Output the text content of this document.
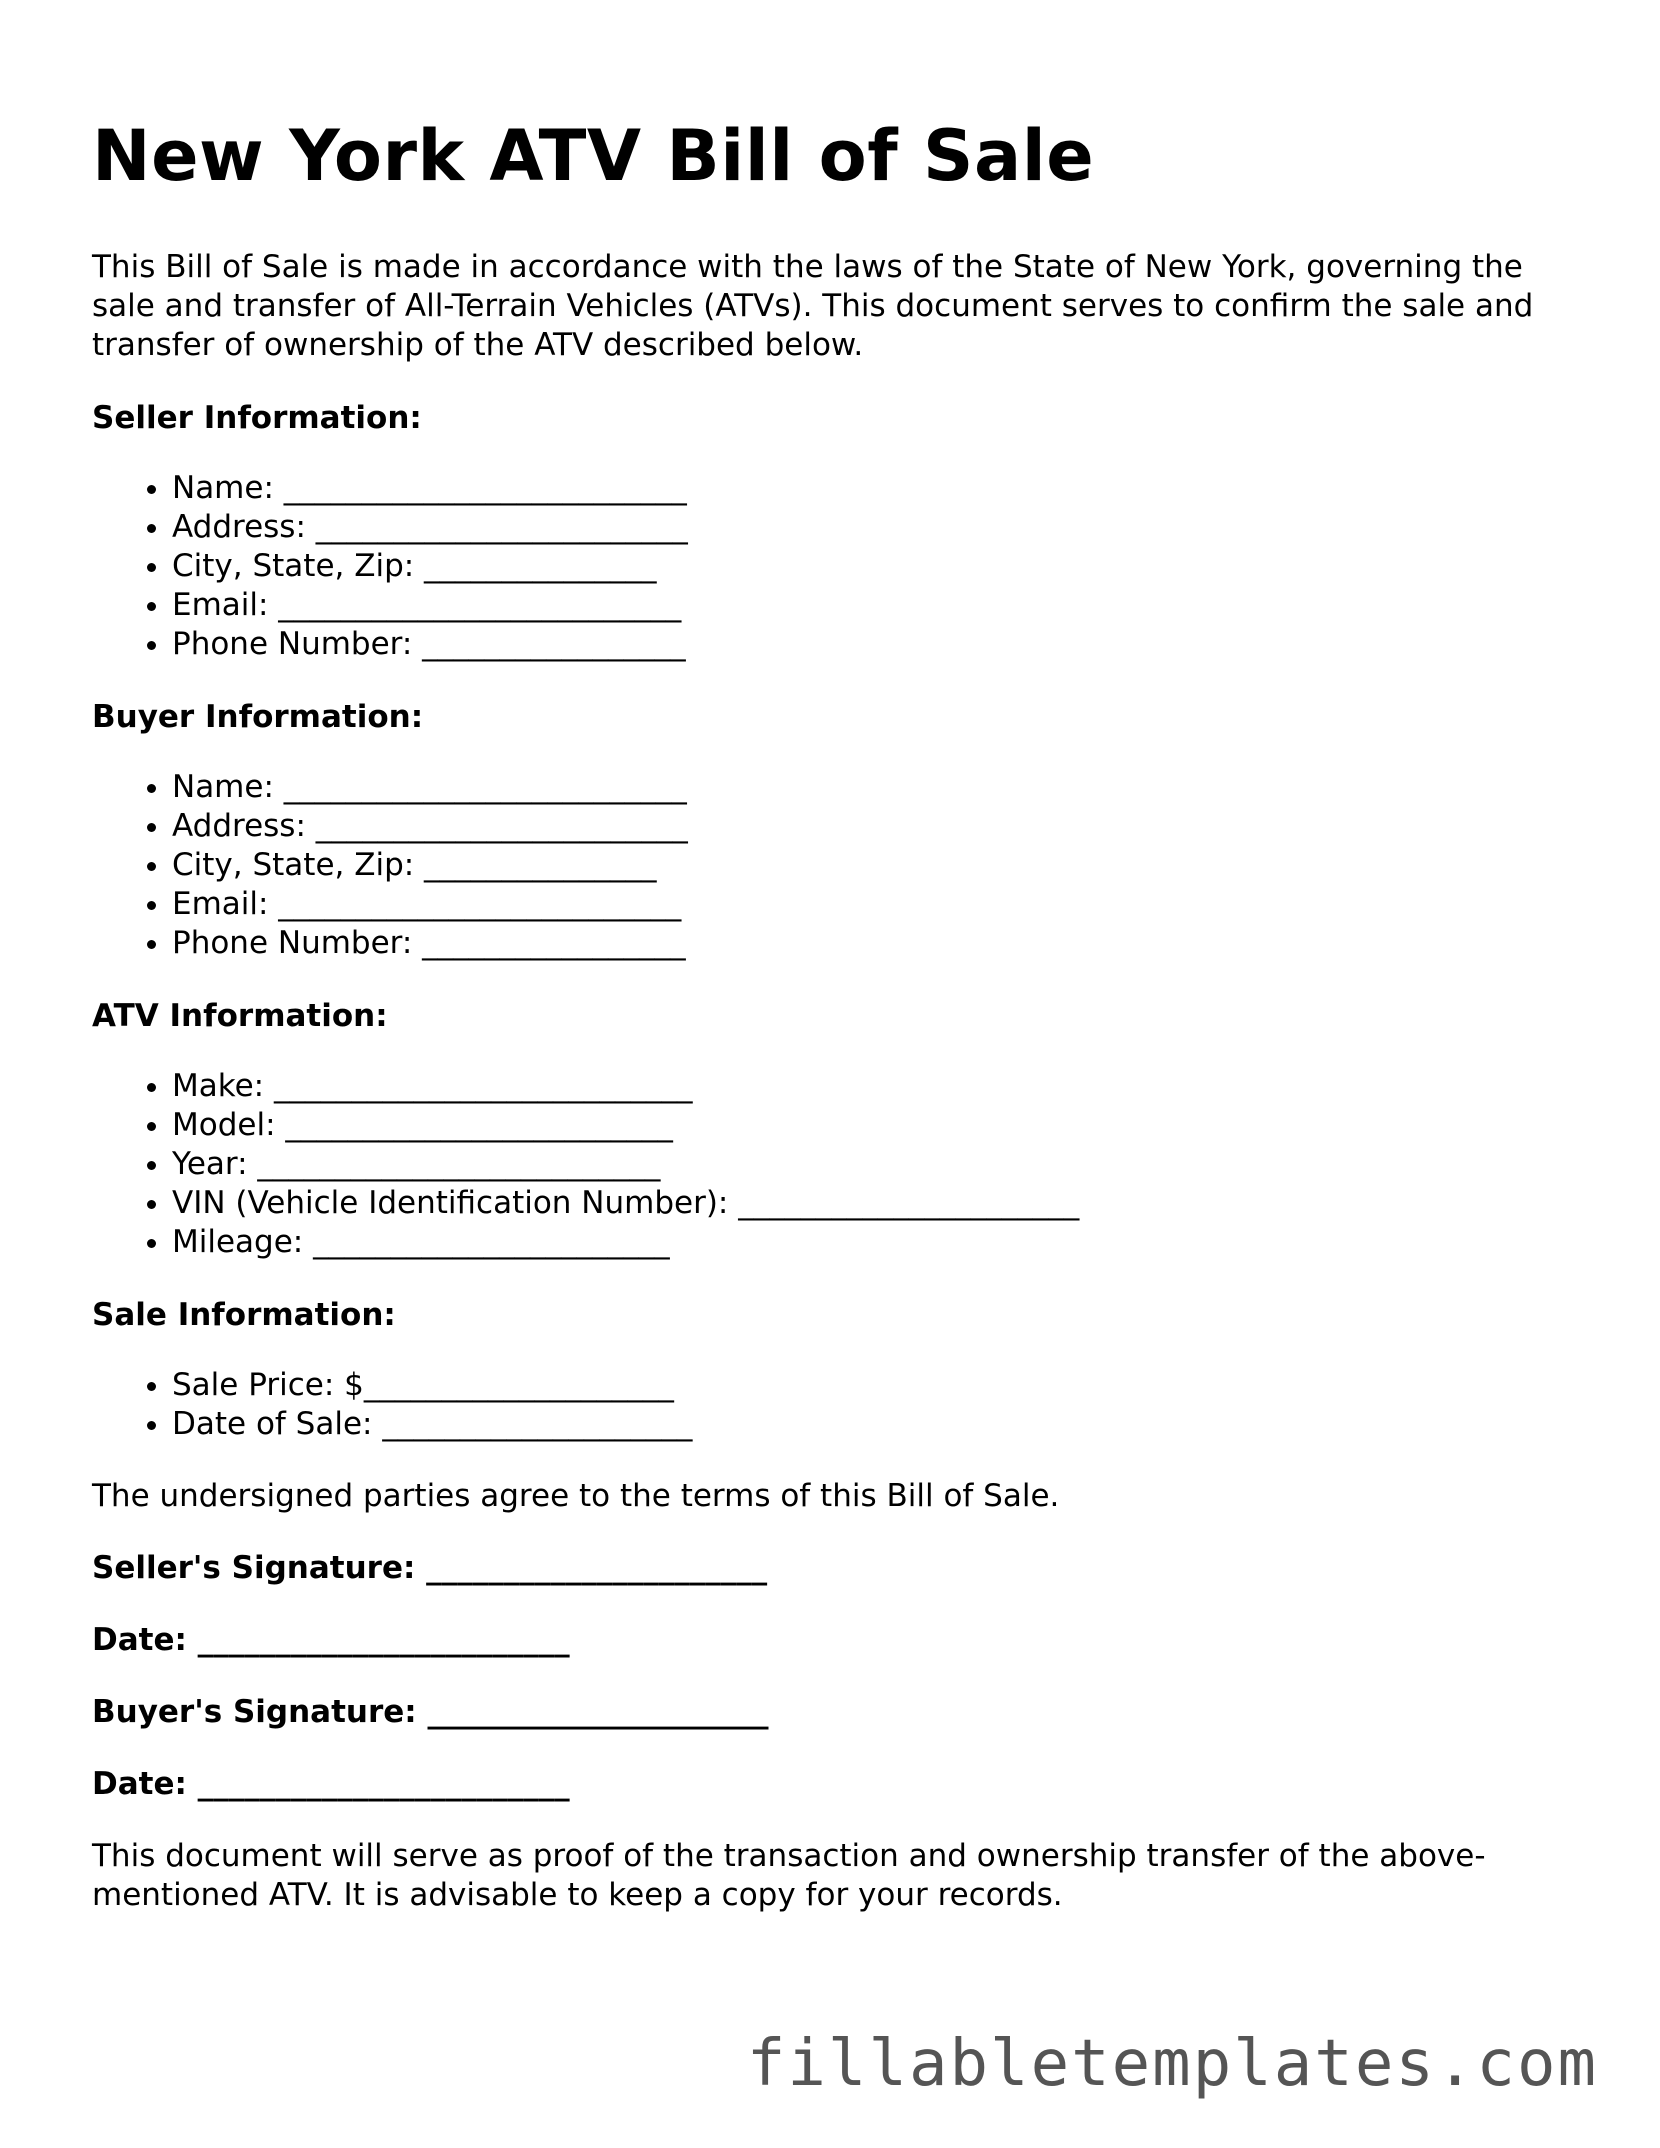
New York ATV Bill of Sale

This Bill of Sale is made in accordance with the laws of the State of New York, governing the sale and transfer of All-Terrain Vehicles (ATVs). This document serves to confirm the sale and transfer of ownership of the ATV described below.

Seller Information:
• Name: __________________________
• Address: ________________________
• City, State, Zip: _______________
• Email: __________________________
• Phone Number: _________________
Buyer Information:
• Name: __________________________
• Address: ________________________
• City, State, Zip: _______________
• Email: __________________________
• Phone Number: _________________
ATV Information:
• Make: ___________________________
• Model: _________________________
• Year: __________________________
• VIN (Vehicle Identification Number): ______________________
• Mileage: _______________________
Sale Information:
• Sale Price: $____________________
• Date of Sale: ____________________

The undersigned parties agree to the terms of this Bill of Sale.

Seller's Signature: ______________________
Date: ________________________
Buyer's Signature: ______________________
Date: ________________________

This document will serve as proof of the transaction and ownership transfer of the above-mentioned ATV. It is advisable to keep a copy for your records.

fillabletemplates.com
